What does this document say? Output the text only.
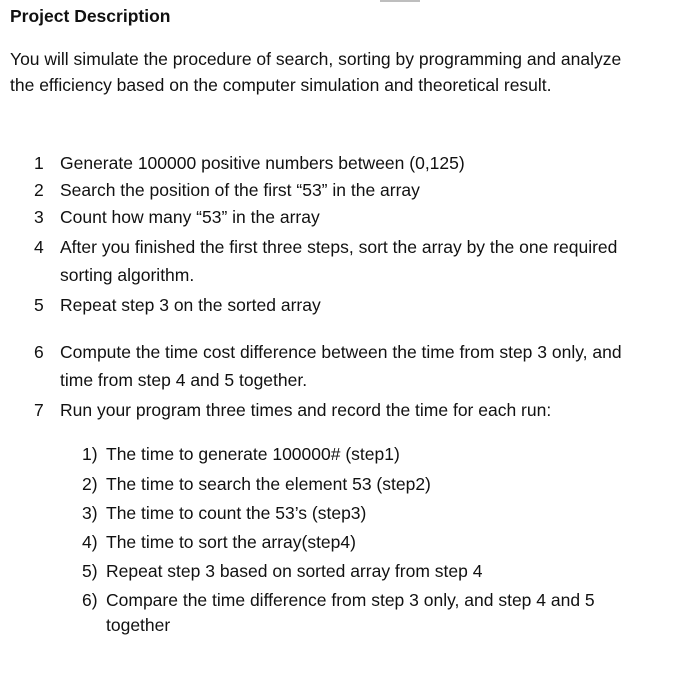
Project Description
You will simulate the procedure of search, sorting by programming and analyze the efficiency based on the computer simulation and theoretical result.
1 Generate 100000 positive numbers between (0,125)
2 Search the position of the first “53” in the array
3 Count how many “53” in the array
4 After you finished the first three steps, sort the array by the one required sorting algorithm.
5 Repeat step 3 on the sorted array
6 Compute the time cost difference between the time from step 3 only, and time from step 4 and 5 together.
7 Run your program three times and record the time for each run:
1) The time to generate 100000# (step1)
2) The time to search the element 53 (step2)
3) The time to count the 53’s (step3)
4) The time to sort the array(step4)
5) Repeat step 3 based on sorted array from step 4
6) Compare the time difference from step 3 only, and step 4 and 5 together
